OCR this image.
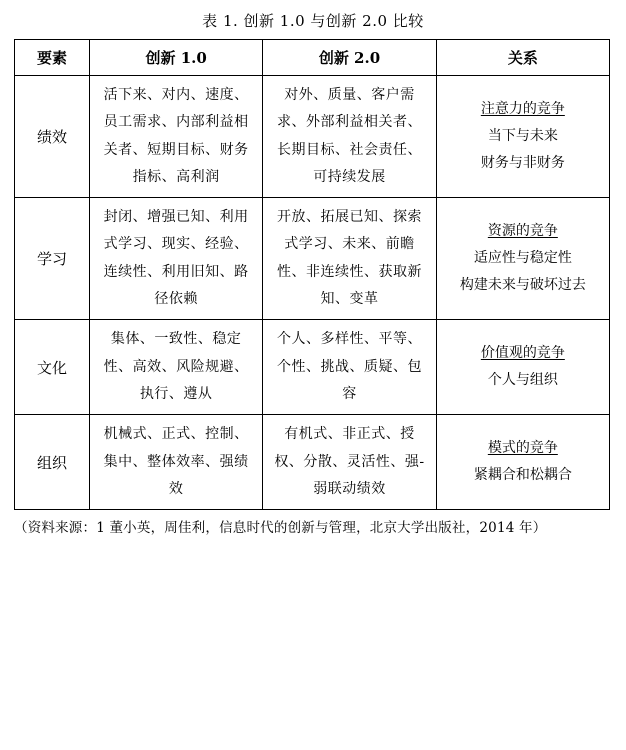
表 1. 创新 1.0 与创新 2.0 比较
要素	创新 1.0	创新 2.0	关系
绩效	活下来、对内、速度、员工需求、内部利益相关者、短期目标、财务指标、高利润	对外、质量、客户需求、外部利益相关者、长期目标、社会责任、可持续发展	注意力的竞争
当下与未来
财务与非财务

学习	封闭、增强已知、利用式学习、现实、经验、连续性、利用旧知、路径依赖	开放、拓展已知、探索式学习、未来、前瞻性、非连续性、获取新知、变革	资源的竞争
适应性与稳定性
构建未来与破坏过去

文化	集体、一致性、稳定性、高效、风险规避、执行、遵从	个人、多样性、平等、个性、挑战、质疑、包容	价值观的竞争
个人与组织

组织	机械式、正式、控制、集中、整体效率、强绩效	有机式、非正式、授权、分散、灵活性、强-弱联动绩效	模式的竞争
紧耦合和松耦合
（资料来源：1 董小英，周佳利，信息时代的创新与管理，北京大学出版社，2014 年）
